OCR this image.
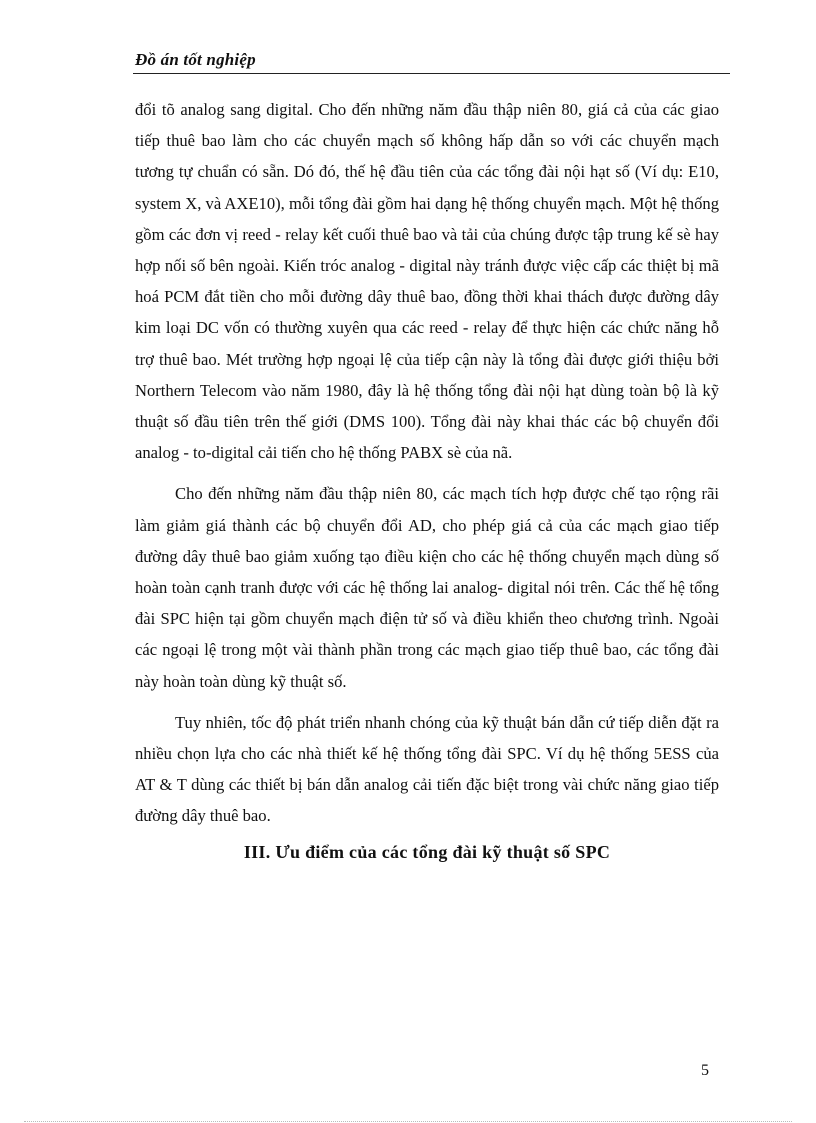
Đồ án tốt nghiệp

đổi tõ analog sang digital. Cho đến những năm đầu thập niên 80, giá cả của các giao tiếp thuê bao làm cho các chuyển mạch số không hấp dẫn so với các chuyển mạch tương tự chuẩn có sẵn. Dó đó, thế hệ đầu tiên của các tổng đài nội hạt số (Ví dụ: E10, system X, và AXE10), mỗi tổng đài gồm hai dạng hệ thống chuyển mạch. Một hệ thống gồm các đơn vị reed - relay kết cuối thuê bao và tải của chúng được tập trung kế sè hay hợp nối số bên ngoài. Kiến tróc analog - digital này tránh được việc cấp các thiệt bị mã hoá PCM đắt tiền cho mỗi đường dây thuê bao, đồng thời khai thách được đường dây kim loại DC vốn có thường xuyên qua các reed - relay để thực hiện các chức năng hỗ trợ thuê bao. Mét trường hợp ngoại lệ của tiếp cận này là tổng đài được giới thiệu bởi Northern Telecom vào năm 1980, đây là hệ thống tổng đài nội hạt dùng toàn bộ là kỹ thuật số đầu tiên trên thế giới (DMS 100). Tổng đài này khai thác các bộ chuyển đổi analog - to-digital cải tiến cho hệ thống PABX sè của nã.

Cho đến những năm đầu thập niên 80, các mạch tích hợp được chế tạo rộng rãi làm giảm giá thành các bộ chuyển đổi AD, cho phép giá cả của các mạch giao tiếp đường dây thuê bao giảm xuống tạo điều kiện cho các hệ thống chuyển mạch dùng số hoàn toàn cạnh tranh được với các hệ thống lai analog- digital nói trên. Các thế hệ tổng đài SPC hiện tại gồm chuyển mạch điện tử số và điều khiển theo chương trình. Ngoài các ngoại lệ trong một vài thành phần trong các mạch giao tiếp thuê bao, các tổng đài này hoàn toàn dùng kỹ thuật số.

Tuy nhiên, tốc độ phát triển nhanh chóng của kỹ thuật bán dẫn cứ tiếp diễn đặt ra nhiều chọn lựa cho các nhà thiết kế hệ thống tổng đài SPC. Ví dụ hệ thống 5ESS của AT & T dùng các thiết bị bán dẫn analog cải tiến đặc biệt trong vài chức năng giao tiếp đường dây thuê bao.

III. Ưu điểm của các tổng đài kỹ thuật số SPC
5
